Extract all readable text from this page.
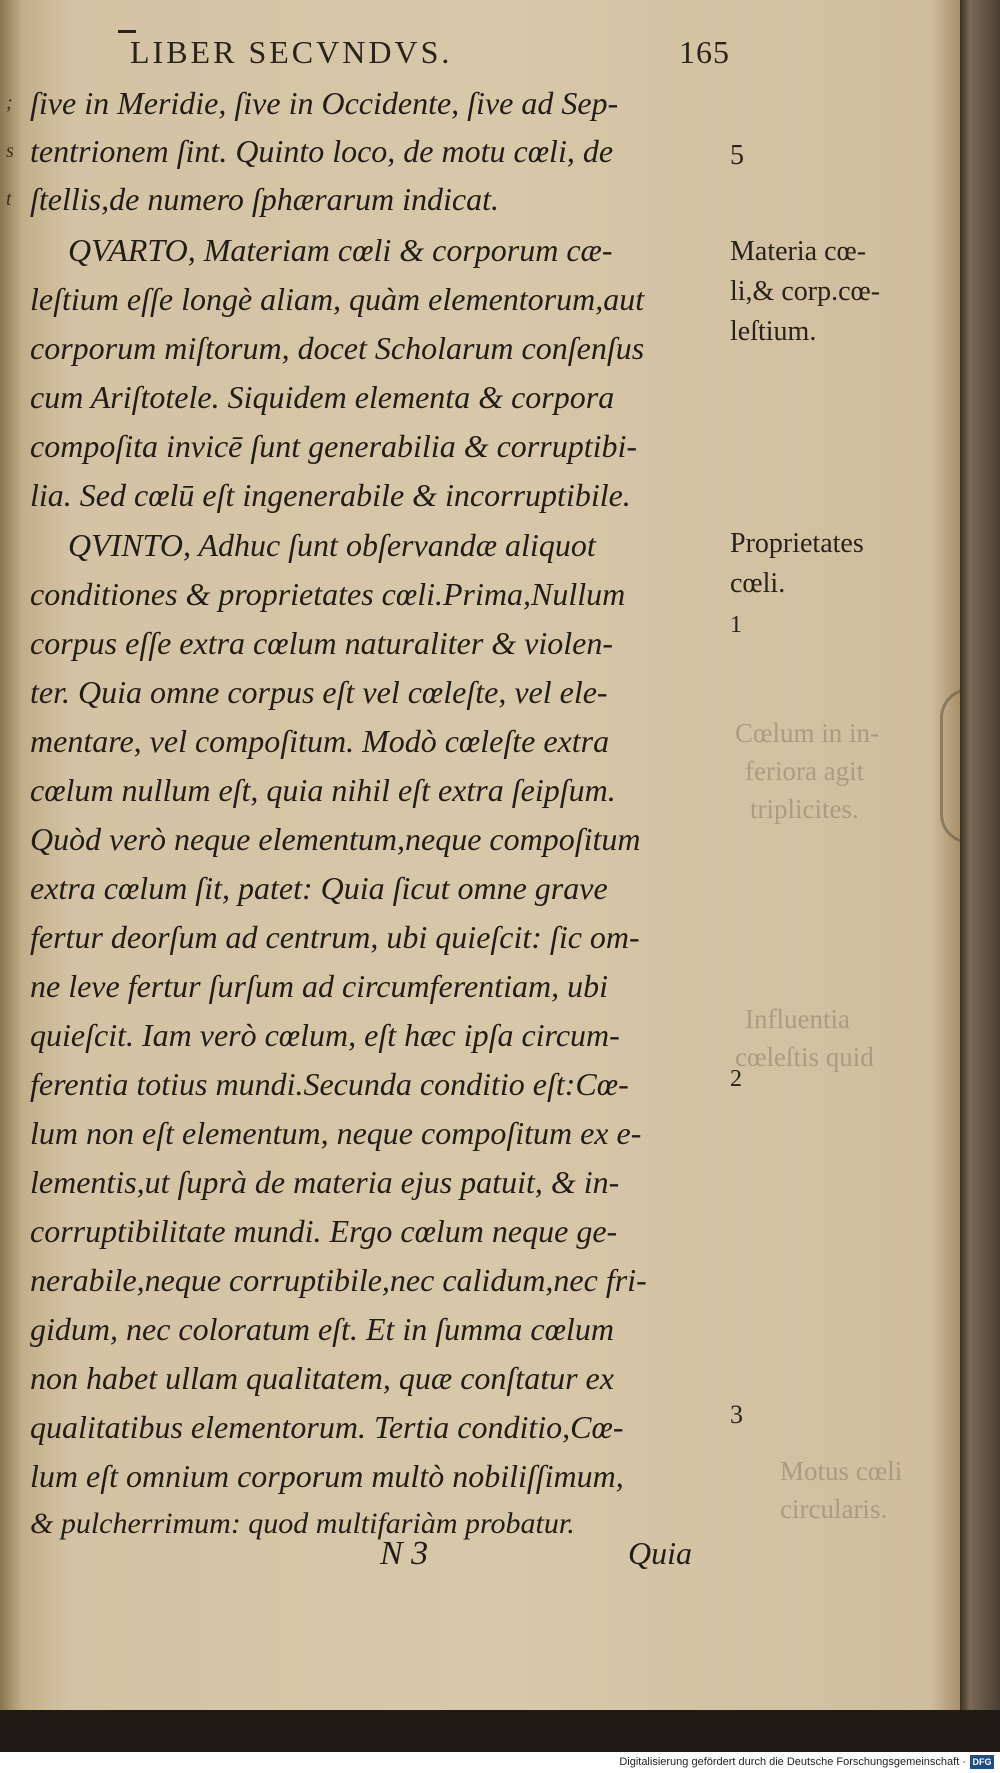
LIBER SECVNDVS.	165
;
s
t
ſive in Meridie, ſive in Occidente, ſive ad Sep-
tentrionem ſint. Quinto loco, de motu cœli, de
ſtellis,de numero ſphærarum indicat.
QVARTO, Materiam cœli & corporum cæ-
leſtium eſſe longè aliam, quàm elementorum,aut
corporum miſtorum, docet Scholarum conſenſus
cum Ariſtotele. Siquidem elementa & corpora
compoſita invicē ſunt generabilia & corruptibi-
lia. Sed cœlū eſt ingenerabile & incorruptibile.
QVINTO, Adhuc ſunt obſervandæ aliquot
conditiones & proprietates cœli.Prima,Nullum
corpus eſſe extra cœlum naturaliter & violen-
ter. Quia omne corpus eſt vel cœleſte, vel ele-
mentare, vel compoſitum. Modò cœleſte extra
cœlum nullum eſt, quia nihil eſt extra ſeipſum.
Quòd verò neque elementum,neque compoſitum
extra cœlum ſit, patet: Quia ſicut omne grave
fertur deorſum ad centrum, ubi quieſcit: ſic om-
ne leve fertur ſurſum ad circumferentiam, ubi
quieſcit. Iam verò cœlum, eſt hæc ipſa circum-
ferentia totius mundi.Secunda conditio eſt:Cœ-
lum non eſt elementum, neque compoſitum ex e-
lementis,ut ſuprà de materia ejus patuit, & in-
corruptibilitate mundi. Ergo cœlum neque ge-
nerabile,neque corruptibile,nec calidum,nec fri-
gidum, nec coloratum eſt. Et in ſumma cœlum
non habet ullam qualitatem, quæ conſtatur ex
qualitatibus elementorum. Tertia conditio,Cœ-
lum eſt omnium corporum multò nobiliſſimum,
& pulcherrimum: quod multifariàm probatur.
5
Materia cœ-
li,& corp.cœ-
leſtium.
Proprietates
cœli.
1
2
3
Cœlum in in-
feriora agit
triplicites.
Influentia
cœleſtis quid
Motus cœli
circularis.
N 3	Quia
Digitalisierung gefördert durch die Deutsche Forschungsgemeinschaft · DFG
